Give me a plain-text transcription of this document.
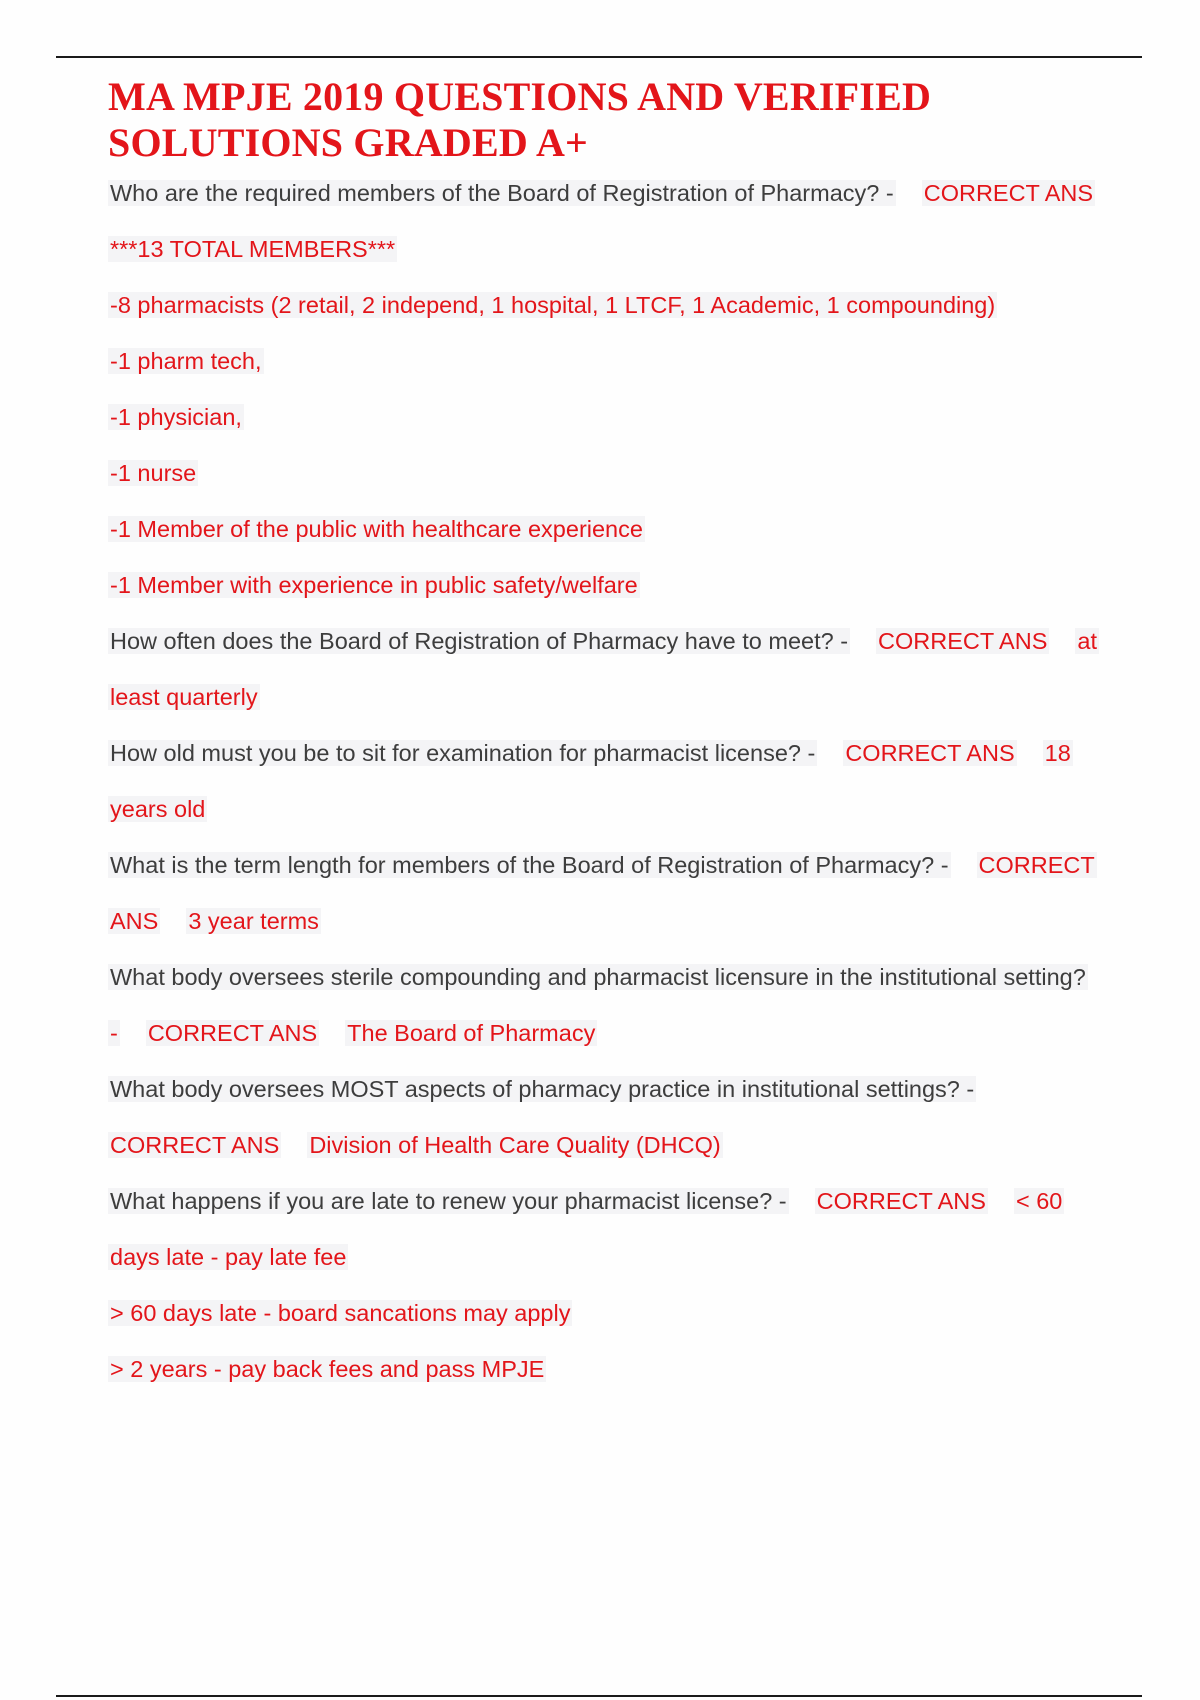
MA MPJE 2019 QUESTIONS AND VERIFIED
SOLUTIONS GRADED A+
Who are the required members of the Board of Registration of Pharmacy? - CORRECT ANS
***13 TOTAL MEMBERS***
-8 pharmacists (2 retail, 2 independ, 1 hospital, 1 LTCF, 1 Academic, 1 compounding)
-1 pharm tech,
-1 physician,
-1 nurse
-1 Member of the public with healthcare experience
-1 Member with experience in public safety/welfare
How often does the Board of Registration of Pharmacy have to meet? - CORRECT ANS at
least quarterly
How old must you be to sit for examination for pharmacist license? - CORRECT ANS 18
years old
What is the term length for members of the Board of Registration of Pharmacy? - CORRECT
ANS 3 year terms
What body oversees sterile compounding and pharmacist licensure in the institutional setting?
- CORRECT ANS The Board of Pharmacy
What body oversees MOST aspects of pharmacy practice in institutional settings? -
CORRECT ANS Division of Health Care Quality (DHCQ)
What happens if you are late to renew your pharmacist license? - CORRECT ANS < 60
days late - pay late fee
> 60 days late - board sancations may apply
> 2 years - pay back fees and pass MPJE
